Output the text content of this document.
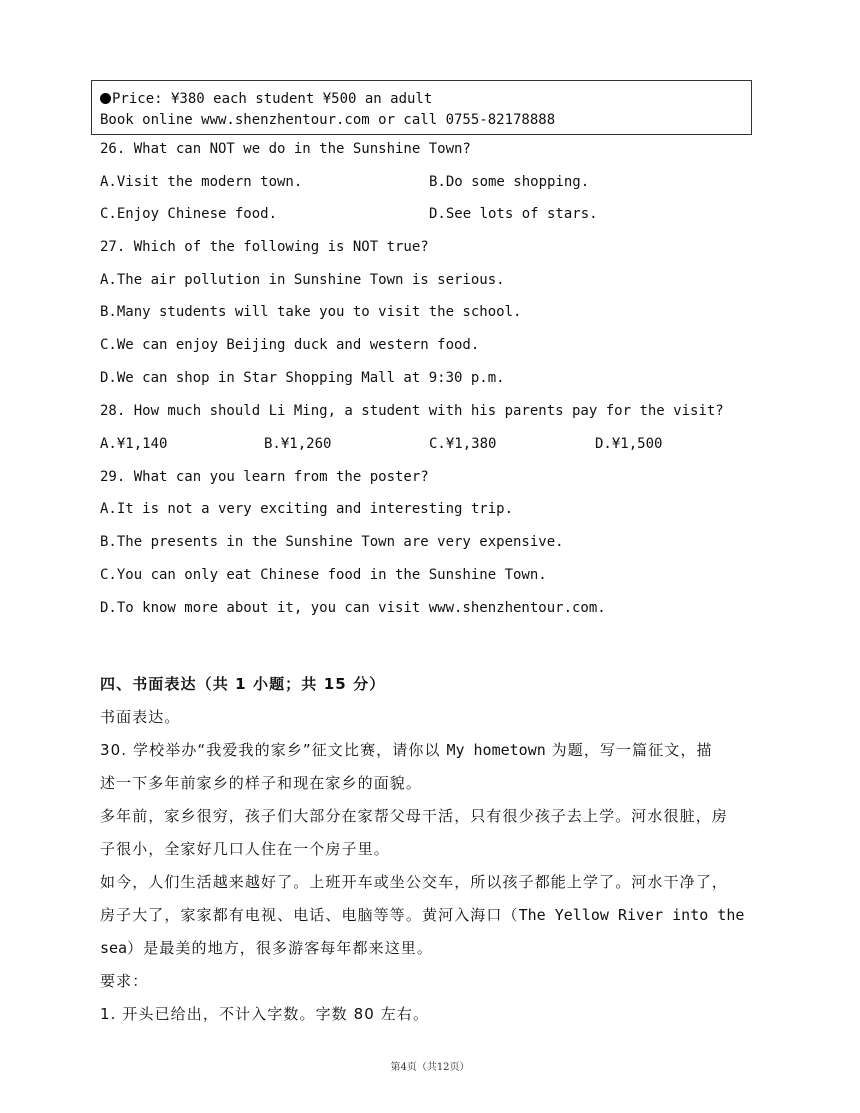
Price: ¥380 each student ¥500 an adult
Book online www.shenzhentour.com or call 0755-82178888
26. What can NOT we do in the Sunshine Town?
A.Visit the modern town.	B.Do some shopping.
C.Enjoy Chinese food.	D.See lots of stars.
27. Which of the following is NOT true?
A.The air pollution in Sunshine Town is serious.
B.Many students will take you to visit the school.
C.We can enjoy Beijing duck and western food.
D.We can shop in Star Shopping Mall at 9:30 p.m.
28. How much should Li Ming, a student with his parents pay for the visit?
A.¥1,140	B.¥1,260	C.¥1,380	D.¥1,500
29. What can you learn from the poster?
A.It is not a very exciting and interesting trip.
B.The presents in the Sunshine Town are very expensive.
C.You can only eat Chinese food in the Sunshine Town.
D.To know more about it, you can visit www.shenzhentour.com.
四、书面表达（共 1 小题；共 15 分）
书面表达。
30. 学校举办“我爱我的家乡”征文比赛，请你以 My hometown 为题，写一篇征文，描
述一下多年前家乡的样子和现在家乡的面貌。
多年前，家乡很穷，孩子们大部分在家帮父母干活，只有很少孩子去上学。河水很脏，房
子很小，全家好几口人住在一个房子里。
如今，人们生活越来越好了。上班开车或坐公交车，所以孩子都能上学了。河水干净了，
房子大了，家家都有电视、电话、电脑等等。黄河入海口（The Yellow River into the
sea）是最美的地方，很多游客每年都来这里。
要求：
1. 开头已给出，不计入字数。字数 80 左右。
第4页（共12页）
